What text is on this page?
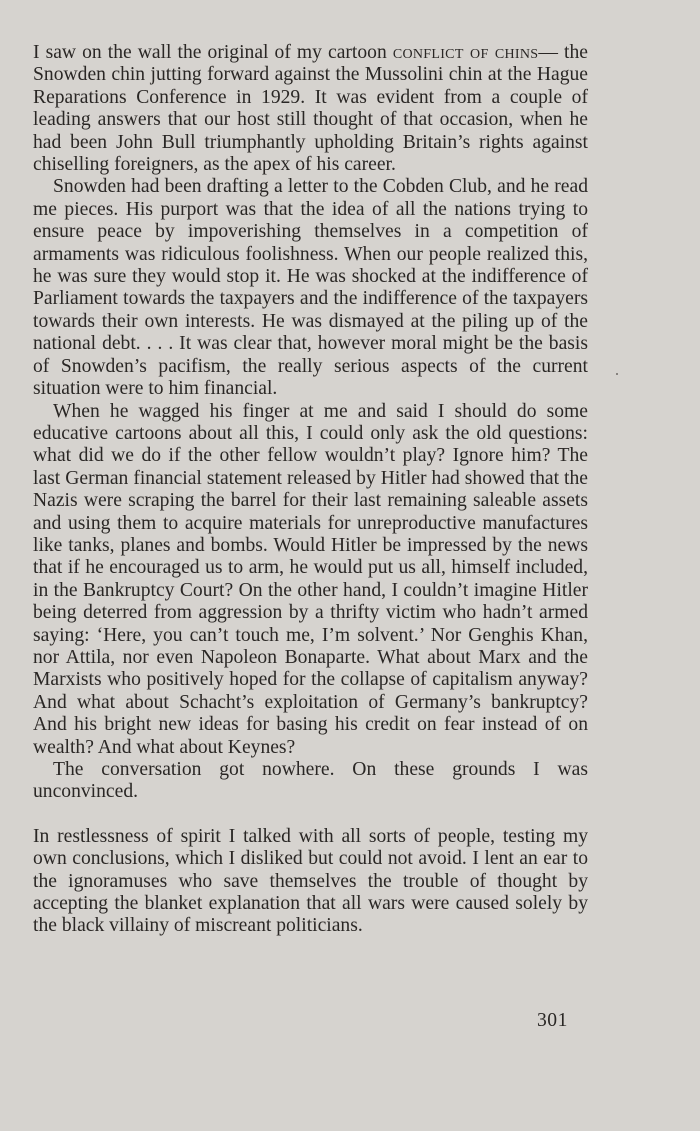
I saw on the wall the original of my cartoon conflict of chins— the Snowden chin jutting forward against the Mussolini chin at the Hague Reparations Conference in 1929. It was evident from a couple of leading answers that our host still thought of that occasion, when he had been John Bull triumphantly upholding Britain’s rights against chiselling foreigners, as the apex of his career.

Snowden had been drafting a letter to the Cobden Club, and he read me pieces. His purport was that the idea of all the nations trying to ensure peace by impoverishing themselves in a competition of armaments was ridiculous foolishness. When our people realized this, he was sure they would stop it. He was shocked at the indifference of Parliament towards the taxpayers and the indifference of the taxpayers towards their own interests. He was dismayed at the piling up of the national debt. . . . It was clear that, however moral might be the basis of Snowden’s pacifism, the really serious aspects of the current situation were to him financial.

When he wagged his finger at me and said I should do some educative cartoons about all this, I could only ask the old questions: what did we do if the other fellow wouldn’t play? Ignore him? The last German financial statement released by Hitler had showed that the Nazis were scraping the barrel for their last remaining saleable assets and using them to acquire materials for unreproductive manufactures like tanks, planes and bombs. Would Hitler be impressed by the news that if he encouraged us to arm, he would put us all, himself included, in the Bankruptcy Court? On the other hand, I couldn’t imagine Hitler being deterred from aggression by a thrifty victim who hadn’t armed saying: ‘Here, you can’t touch me, I’m solvent.’ Nor Genghis Khan, nor Attila, nor even Napoleon Bonaparte. What about Marx and the Marxists who positively hoped for the collapse of capitalism anyway? And what about Schacht’s exploitation of Germany’s bankruptcy? And his bright new ideas for basing his credit on fear instead of on wealth? And what about Keynes?

The conversation got nowhere. On these grounds I was unconvinced.

In restlessness of spirit I talked with all sorts of people, testing my own conclusions, which I disliked but could not avoid. I lent an ear to the ignoramuses who save themselves the trouble of thought by accepting the blanket explanation that all wars were caused solely by the black villainy of miscreant politicians.

301
